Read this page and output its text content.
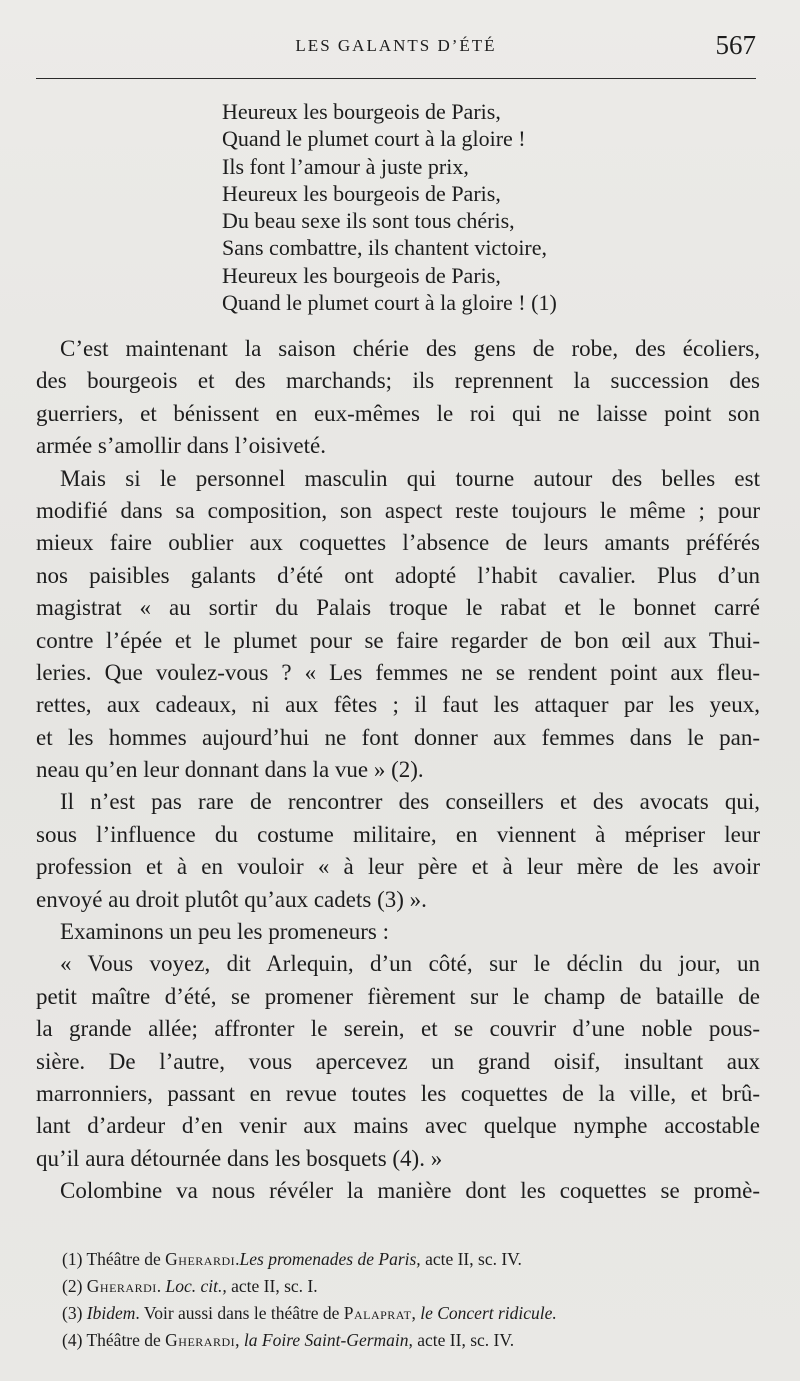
LES GALANTS D’ÉTÉ	567
Heureux les bourgeois de Paris,
Quand le plumet court à la gloire !
Ils font l’amour à juste prix,
Heureux les bourgeois de Paris,
Du beau sexe ils sont tous chéris,
Sans combattre, ils chantent victoire,
Heureux les bourgeois de Paris,
Quand le plumet court à la gloire ! (1)
C’est maintenant la saison chérie des gens de robe, des écoliers,
des bourgeois et des marchands; ils reprennent la succession des
guerriers, et bénissent en eux-mêmes le roi qui ne laisse point son
armée s’amollir dans l’oisiveté.
Mais si le personnel masculin qui tourne autour des belles est
modifié dans sa composition, son aspect reste toujours le même ; pour
mieux faire oublier aux coquettes l’absence de leurs amants préférés
nos paisibles galants d’été ont adopté l’habit cavalier. Plus d’un
magistrat « au sortir du Palais troque le rabat et le bonnet carré
contre l’épée et le plumet pour se faire regarder de bon œil aux Thui-
leries. Que voulez-vous ? « Les femmes ne se rendent point aux fleu-
rettes, aux cadeaux, ni aux fêtes ; il faut les attaquer par les yeux,
et les hommes aujourd’hui ne font donner aux femmes dans le pan-
neau qu’en leur donnant dans la vue » (2).
Il n’est pas rare de rencontrer des conseillers et des avocats qui,
sous l’influence du costume militaire, en viennent à mépriser leur
profession et à en vouloir « à leur père et à leur mère de les avoir
envoyé au droit plutôt qu’aux cadets (3) ».
Examinons un peu les promeneurs :
« Vous voyez, dit Arlequin, d’un côté, sur le déclin du jour, un
petit maître d’été, se promener fièrement sur le champ de bataille de
la grande allée; affronter le serein, et se couvrir d’une noble pous-
sière. De l’autre, vous apercevez un grand oisif, insultant aux
marronniers, passant en revue toutes les coquettes de la ville, et brû-
lant d’ardeur d’en venir aux mains avec quelque nymphe accostable
qu’il aura détournée dans les bosquets (4). »
Colombine va nous révéler la manière dont les coquettes se promè-
(1) Théâtre de Gherardi.Les promenades de Paris, acte II, sc. IV.
(2) Gherardi. Loc. cit., acte II, sc. I.
(3) Ibidem. Voir aussi dans le théâtre de Palaprat, le Concert ridicule.
(4) Théâtre de Gherardi, la Foire Saint-Germain, acte II, sc. IV.
